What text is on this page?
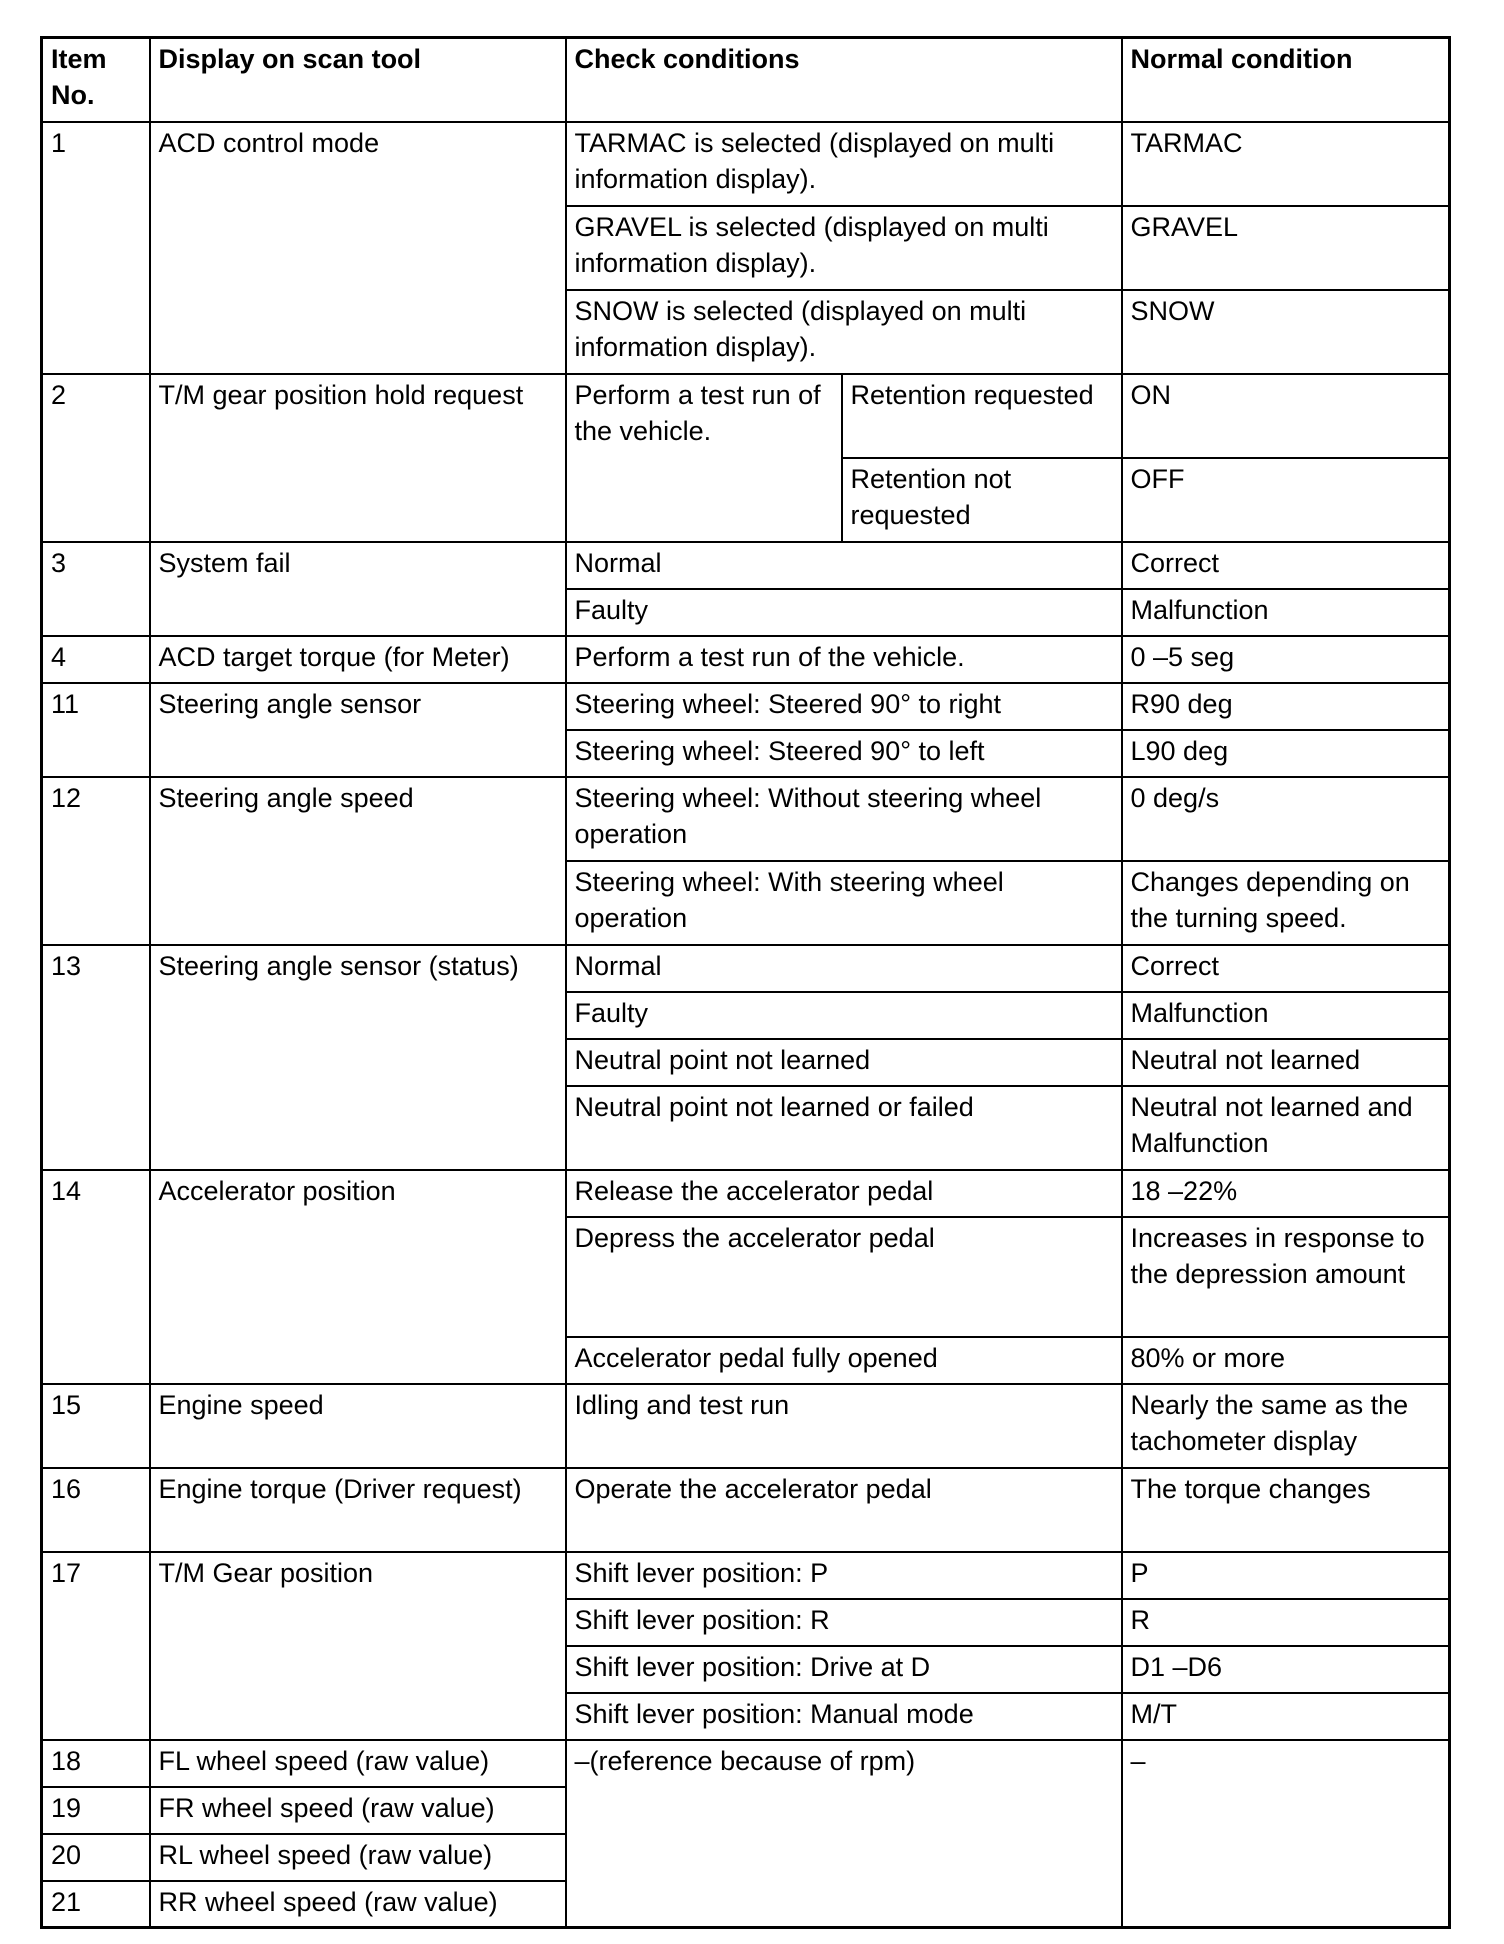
Item No.	Display on scan tool	Check conditions		Normal condition
1	ACD control mode	TARMAC is selected (displayed on multi information display).		TARMAC
		GRAVEL is selected (displayed on multi information display).		GRAVEL
		SNOW is selected (displayed on multi information display).		SNOW
2	T/M gear position hold request	Perform a test run of the vehicle.	Retention requested	ON
			Retention not requested	OFF
3	System fail	Normal		Correct
		Faulty		Malfunction
4	ACD target torque (for Meter)	Perform a test run of the vehicle.		0 –5 seg
11	Steering angle sensor	Steering wheel: Steered 90° to right		R90 deg
		Steering wheel: Steered 90° to left		L90 deg
12	Steering angle speed	Steering wheel: Without steering wheel operation		0 deg/s
		Steering wheel: With steering wheel operation		Changes depending on the turning speed.
13	Steering angle sensor (status)	Normal		Correct
		Faulty		Malfunction
		Neutral point not learned		Neutral not learned
		Neutral point not learned or failed		Neutral not learned and Malfunction
14	Accelerator position	Release the accelerator pedal		18 –22%
		Depress the accelerator pedal		Increases in response to the depression amount
		Accelerator pedal fully opened		80% or more
15	Engine speed	Idling and test run		Nearly the same as the tachometer display
16	Engine torque (Driver request)	Operate the accelerator pedal		The torque changes
17	T/M Gear position	Shift lever position: P		P
		Shift lever position: R		R
		Shift lever position: Drive at D		D1 –D6
		Shift lever position: Manual mode		M/T
18	FL wheel speed (raw value)	–(reference because of rpm)		–
19	FR wheel speed (raw value)			
20	RL wheel speed (raw value)			
21	RR wheel speed (raw value)			
